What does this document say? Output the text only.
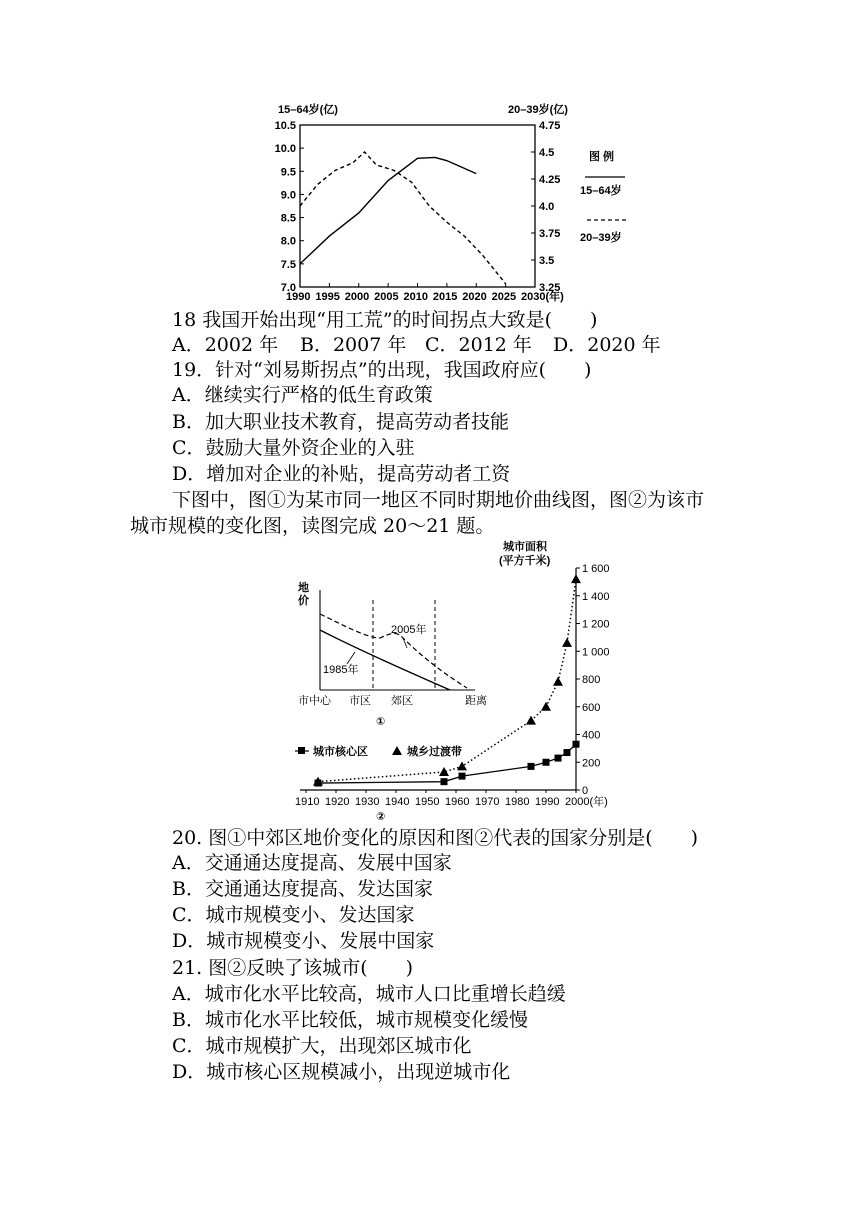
15–64岁(亿)	20–39岁(亿)
10.5
10.0
9.5
9.0
8.5
8.0
7.5
7.0
4.75
4.5
4.25
4.0
3.75
3.5
3.25
1990 1995 2000 2005 2010 2015 2020 2025 2030(年)
图 例
15–64岁
20–39岁
18 我国开始出现“用工荒”的时间拐点大致是(　　)
A．2002 年 B．2007 年 C．2012 年 D．2020 年
19．针对“刘易斯拐点”的出现，我国政府应(　　)
A．继续实行严格的低生育政策
B．加大职业技术教育，提高劳动者技能
C．鼓励大量外资企业的入驻
D．增加对企业的补贴，提高劳动者工资
下图中，图①为某市同一地区不同时期地价曲线图，图②为该市
城市规模的变化图，读图完成 20～21 题。
城市面积
(平方千米)
1 600
1 400
1 200
1 000
800
600
400
200
0
1910 1920 1930 1940 1950 1960 1970 1980 1990 2000(年)
②
城市核心区	城乡过渡带
地
价
2005年
1985年
市中心 市区 郊区	距离
①
20. 图①中郊区地价变化的原因和图②代表的国家分别是(　　)
A．交通通达度提高、发展中国家
B．交通通达度提高、发达国家
C．城市规模变小、发达国家
D．城市规模变小、发展中国家
21. 图②反映了该城市(　　)
A．城市化水平比较高，城市人口比重增长趋缓
B．城市化水平比较低，城市规模变化缓慢
C．城市规模扩大，出现郊区城市化
D．城市核心区规模减小，出现逆城市化
